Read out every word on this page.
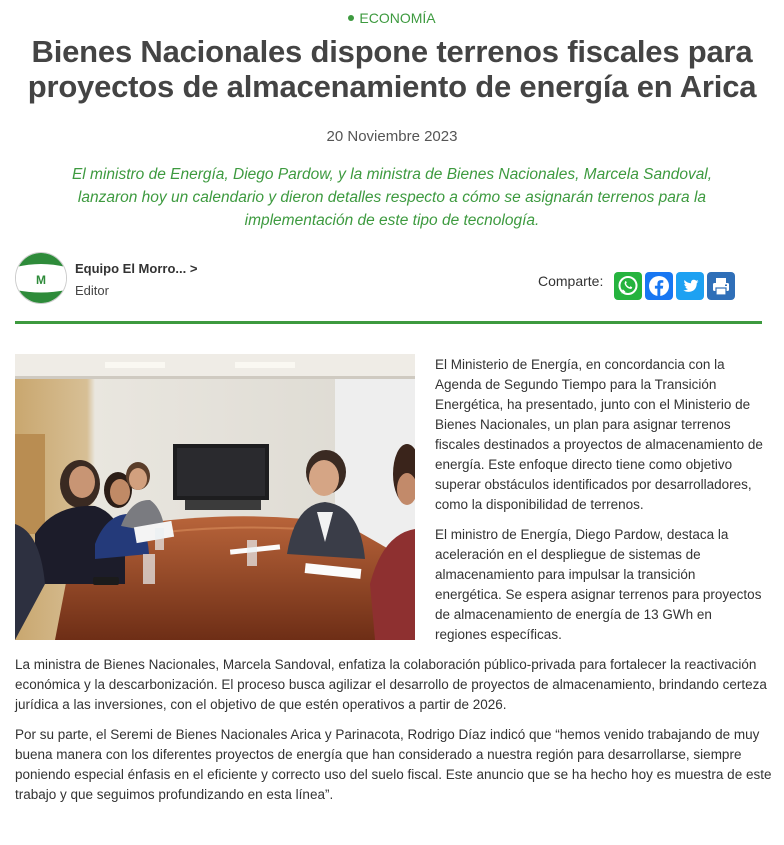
ECONOMÍA
Bienes Nacionales dispone terrenos fiscales para proyectos de almacenamiento de energía en Arica
20 Noviembre 2023

El ministro de Energía, Diego Pardow, y la ministra de Bienes Nacionales, Marcela Sandoval, lanzaron hoy un calendario y dieron detalles respecto a cómo se asignarán terrenos para la implementación de este tipo de tecnología.

M
Equipo El Morro... >
Editor
Comparte:

El Ministerio de Energía, en concordancia con la Agenda de Segundo Tiempo para la Transición Energética, ha presentado, junto con el Ministerio de Bienes Nacionales, un plan para asignar terrenos fiscales destinados a proyectos de almacenamiento de energía. Este enfoque directo tiene como objetivo superar obstáculos identificados por desarrolladores, como la disponibilidad de terrenos.

El ministro de Energía, Diego Pardow, destaca la aceleración en el despliegue de sistemas de almacenamiento para impulsar la transición energética. Se espera asignar terrenos para proyectos de almacenamiento de energía de 13 GWh en regiones específicas.

La ministra de Bienes Nacionales, Marcela Sandoval, enfatiza la colaboración público-privada para fortalecer la reactivación económica y la descarbonización. El proceso busca agilizar el desarrollo de proyectos de almacenamiento, brindando certeza jurídica a las inversiones, con el objetivo de que estén operativos a partir de 2026.

Por su parte, el Seremi de Bienes Nacionales Arica y Parinacota, Rodrigo Díaz indicó que “hemos venido trabajando de muy buena manera con los diferentes proyectos de energía que han considerado a nuestra región para desarrollarse, siempre poniendo especial énfasis en el eficiente y correcto uso del suelo fiscal. Este anuncio que se ha hecho hoy es muestra de este trabajo y que seguimos profundizando en esta línea”.
